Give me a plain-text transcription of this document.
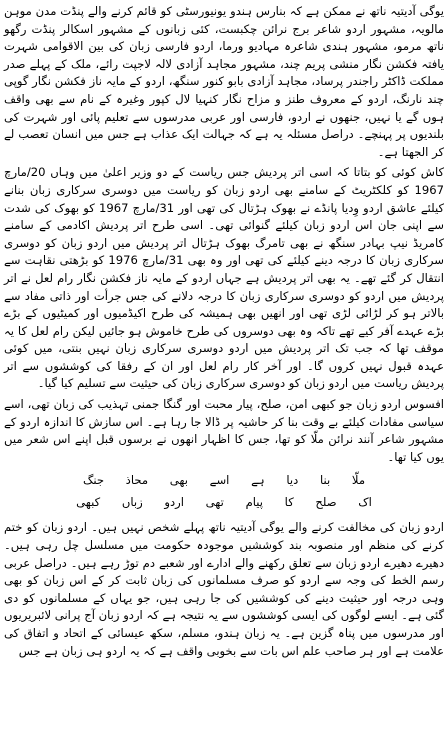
یوگی آدیتیہ ناتھ نے ممکن ہے کہ بنارس ہندو یونیورسٹی کو قائم کرنے والے پنڈت مدن موہن مالویہ، مشہور اردو شاعر برج نرائن چکبست، کئی زبانوں کے مشہور اسکالر پنڈت رگھو ناتھ مرمو، مشہور ہندی شاعرہ مہادیو ورما، اردو فارسی زبان کی بین الاقوامی شہرت یافتہ فکشن نگار منشی پریم چند، مشہور مجاہد آزادی لالہ لاجپت رائے، ملک کے پہلے صدر مملکت ڈاکٹر راجندر پرساد، مجاہد آزادی بابو کنور سنگھ، اردو کے مایہ ناز فکشن نگار گوپی چند نارنگ، اردو کے معروف طنز و مزاح نگار کنہیا لال کپور وغیرہ کے نام سے بھی واقف ہوں گے یا نہیں، جنھوں نے اردو، فارسی اور عربی مدرسوں سے تعلیم پائی اور شہرت کی بلندیوں پر پہنچے۔ دراصل مسئلہ یہ ہے کہ جہالت ایک عذاب ہے جس میں انسان تعصب لے کر الجھتا ہے۔

کاش کوئی کو بتاتا کہ اسی اتر پردیش جس ریاست کے دو وزیر اعلیٰ میں وہاں 20/مارچ 1967 کو کلکٹریٹ کے سامنے بھی اردو زبان کو ریاست میں دوسری سرکاری زبان بنانے کیلئے عاشق اردو وِدیا پانڈے نے بھوک ہڑتال کی تھی اور 31/مارچ 1967 کو بھوک کی شدت سے اپنی جان اس اردو زبان کیلئے گنوائی تھی۔ اسی طرح اتر پردیش اکادمی کے سامنے کامریڈ نیپ بہادر سنگھ نے بھی تامرگ بھوک ہڑتال اتر پردیش میں اردو زبان کو دوسری سرکاری زبان کا درجہ دینے کیلئے کی تھی اور وہ بھی 31/مارچ 1976 کو بڑھتی نقاہت سے انتقال کر گئے تھے۔ یہ بھی اتر پردیش ہے جہاں اردو کے مایہ ناز فکشن نگار رام لعل نے اتر پردیش میں اردو کو دوسری سرکاری زبان کا درجہ دلانے کی جس جرأت اور ذاتی مفاد سے بالاتر ہو کر لڑائی لڑی تھی اور انھیں بھی ہمیشہ کی طرح اکیڈمیوں اور کمیٹیوں کے بڑے بڑے عہدے آفر کیے تھے تاکہ وہ بھی دوسروں کی طرح خاموش ہو جائیں لیکن رام لعل کا یہ موقف تھا کہ جب تک اتر پردیش میں اردو دوسری سرکاری زبان نہیں بنتی، میں کوئی عہدہ قبول نہیں کروں گا۔ اور آخر کار رام لعل اور ان کے رفقا کی کوششوں سے اتر پردیش ریاست میں اردو زبان کو دوسری سرکاری زبان کی حیثیت سے تسلیم کیا گیا۔

افسوس اردو زبان جو کبھی امن، صلح، پیار محبت اور گنگا جمنی تہذیب کی زبان تھی، اسے سیاسی مفادات کیلئے بے وقت بنا کر حاشیہ پر ڈالا جا رہا ہے۔ اس سازش کا اندازہ اردو کے مشہور شاعر آنند نرائن ملّا کو تھا، جس کا اظہار انھوں نے برسوں قبل اپنے اس شعر میں یوں کیا تھا۔

ملّا بنا دیا ہے اسے بھی محاذ جنگ
اک صلح کا پیام تھی اردو زباں کبھی

اردو زبان کی مخالفت کرنے والے یوگی آدیتیہ ناتھ پہلے شخص نہیں ہیں۔ اردو زبان کو ختم کرنے کی منظم اور منصوبہ بند کوششیں موجودہ حکومت میں مسلسل چل رہی ہیں۔ دھیرے دھیرے اردو زبان سے تعلق رکھنے والے ادارے اور شعبے دم توڑ رہے ہیں۔ دراصل عربی رسم الخط کی وجہ سے اردو کو صرف مسلمانوں کی زبان ثابت کر کے اس زبان کو بھی وہی درجہ اور حیثیت دینے کی کوششیں کی جا رہی ہیں، جو یہاں کے مسلمانوں کو دی گئی ہے۔ ایسے لوگوں کی ایسی کوششوں سے یہ نتیجہ ہے کہ اردو زبان آج پرانی لائبریریوں اور مدرسوں میں پناہ گزین ہے۔ یہ زبان ہندو، مسلم، سکھ عیسائی کے اتحاد و اتفاق کی علامت ہے اور ہر صاحب علم اس بات سے بخوبی واقف ہے کہ یہ اردو ہی زبان ہے جس
